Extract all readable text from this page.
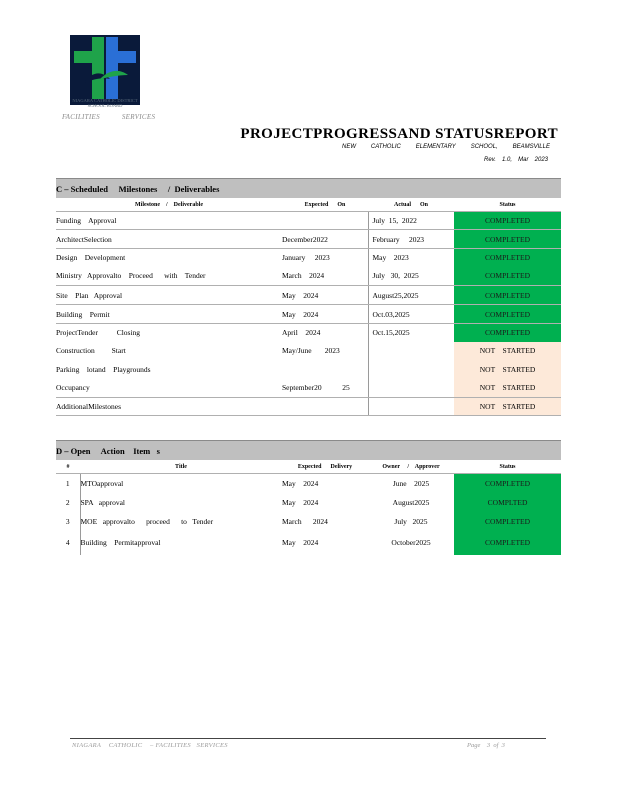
NIAGARA CATHOLIC DISTRICT SCHOOL BOARD
FACILITIES	SERVICES
PROJECTPROGRESSAND STATUSREPORT
NEW CATHOLIC ELEMENTARY SCHOOL, BEAMSVILLE
Rev. 1.0, Mar 2023
C – Scheduled     Milestones     /  Deliverables			
Milestone    /    Deliverable	Expected      On	Actual      On	Status
Funding    Approval		July  15,  2022	COMPLETED
ArchitectSelection	December2022	February     2023	COMPLETED
Design    Development	January     2023	May    2023	COMPLETED
Ministry   Approvalto    Proceed      with    Tender	March    2024	July   30,  2025	COMPLETED
Site    Plan   Approval	May    2024	August25,2025	COMPLETED
Building    Permit	May    2024	Oct.03,2025	COMPLETED
ProjectTender          Closing	April    2024	Oct.15,2025	COMPLETED
Construction         Start	May/June       2023		NOT    STARTED
Parking    lotand    Playgrounds			NOT    STARTED
Occupancy	September20           25		NOT    STARTED
AdditionalMilestones			NOT    STARTED
D – Open     Action    Item   s				
#	Title	Expected      Delivery	Owner     /    Approver	Status
1	MTOapproval	May    2024	June    2025	COMPLETED
2	SPA   approval	May    2024	August2025	COMPLTED
3	MOE   approvalto      proceed      to   Tender	March      2024	July   2025	COMPLETED
4	Building    Permitapproval	May    2024	October2025	COMPLETED
NIAGARA    CATHOLIC    – FACILITIES   SERVICES	Page    3  of  3
